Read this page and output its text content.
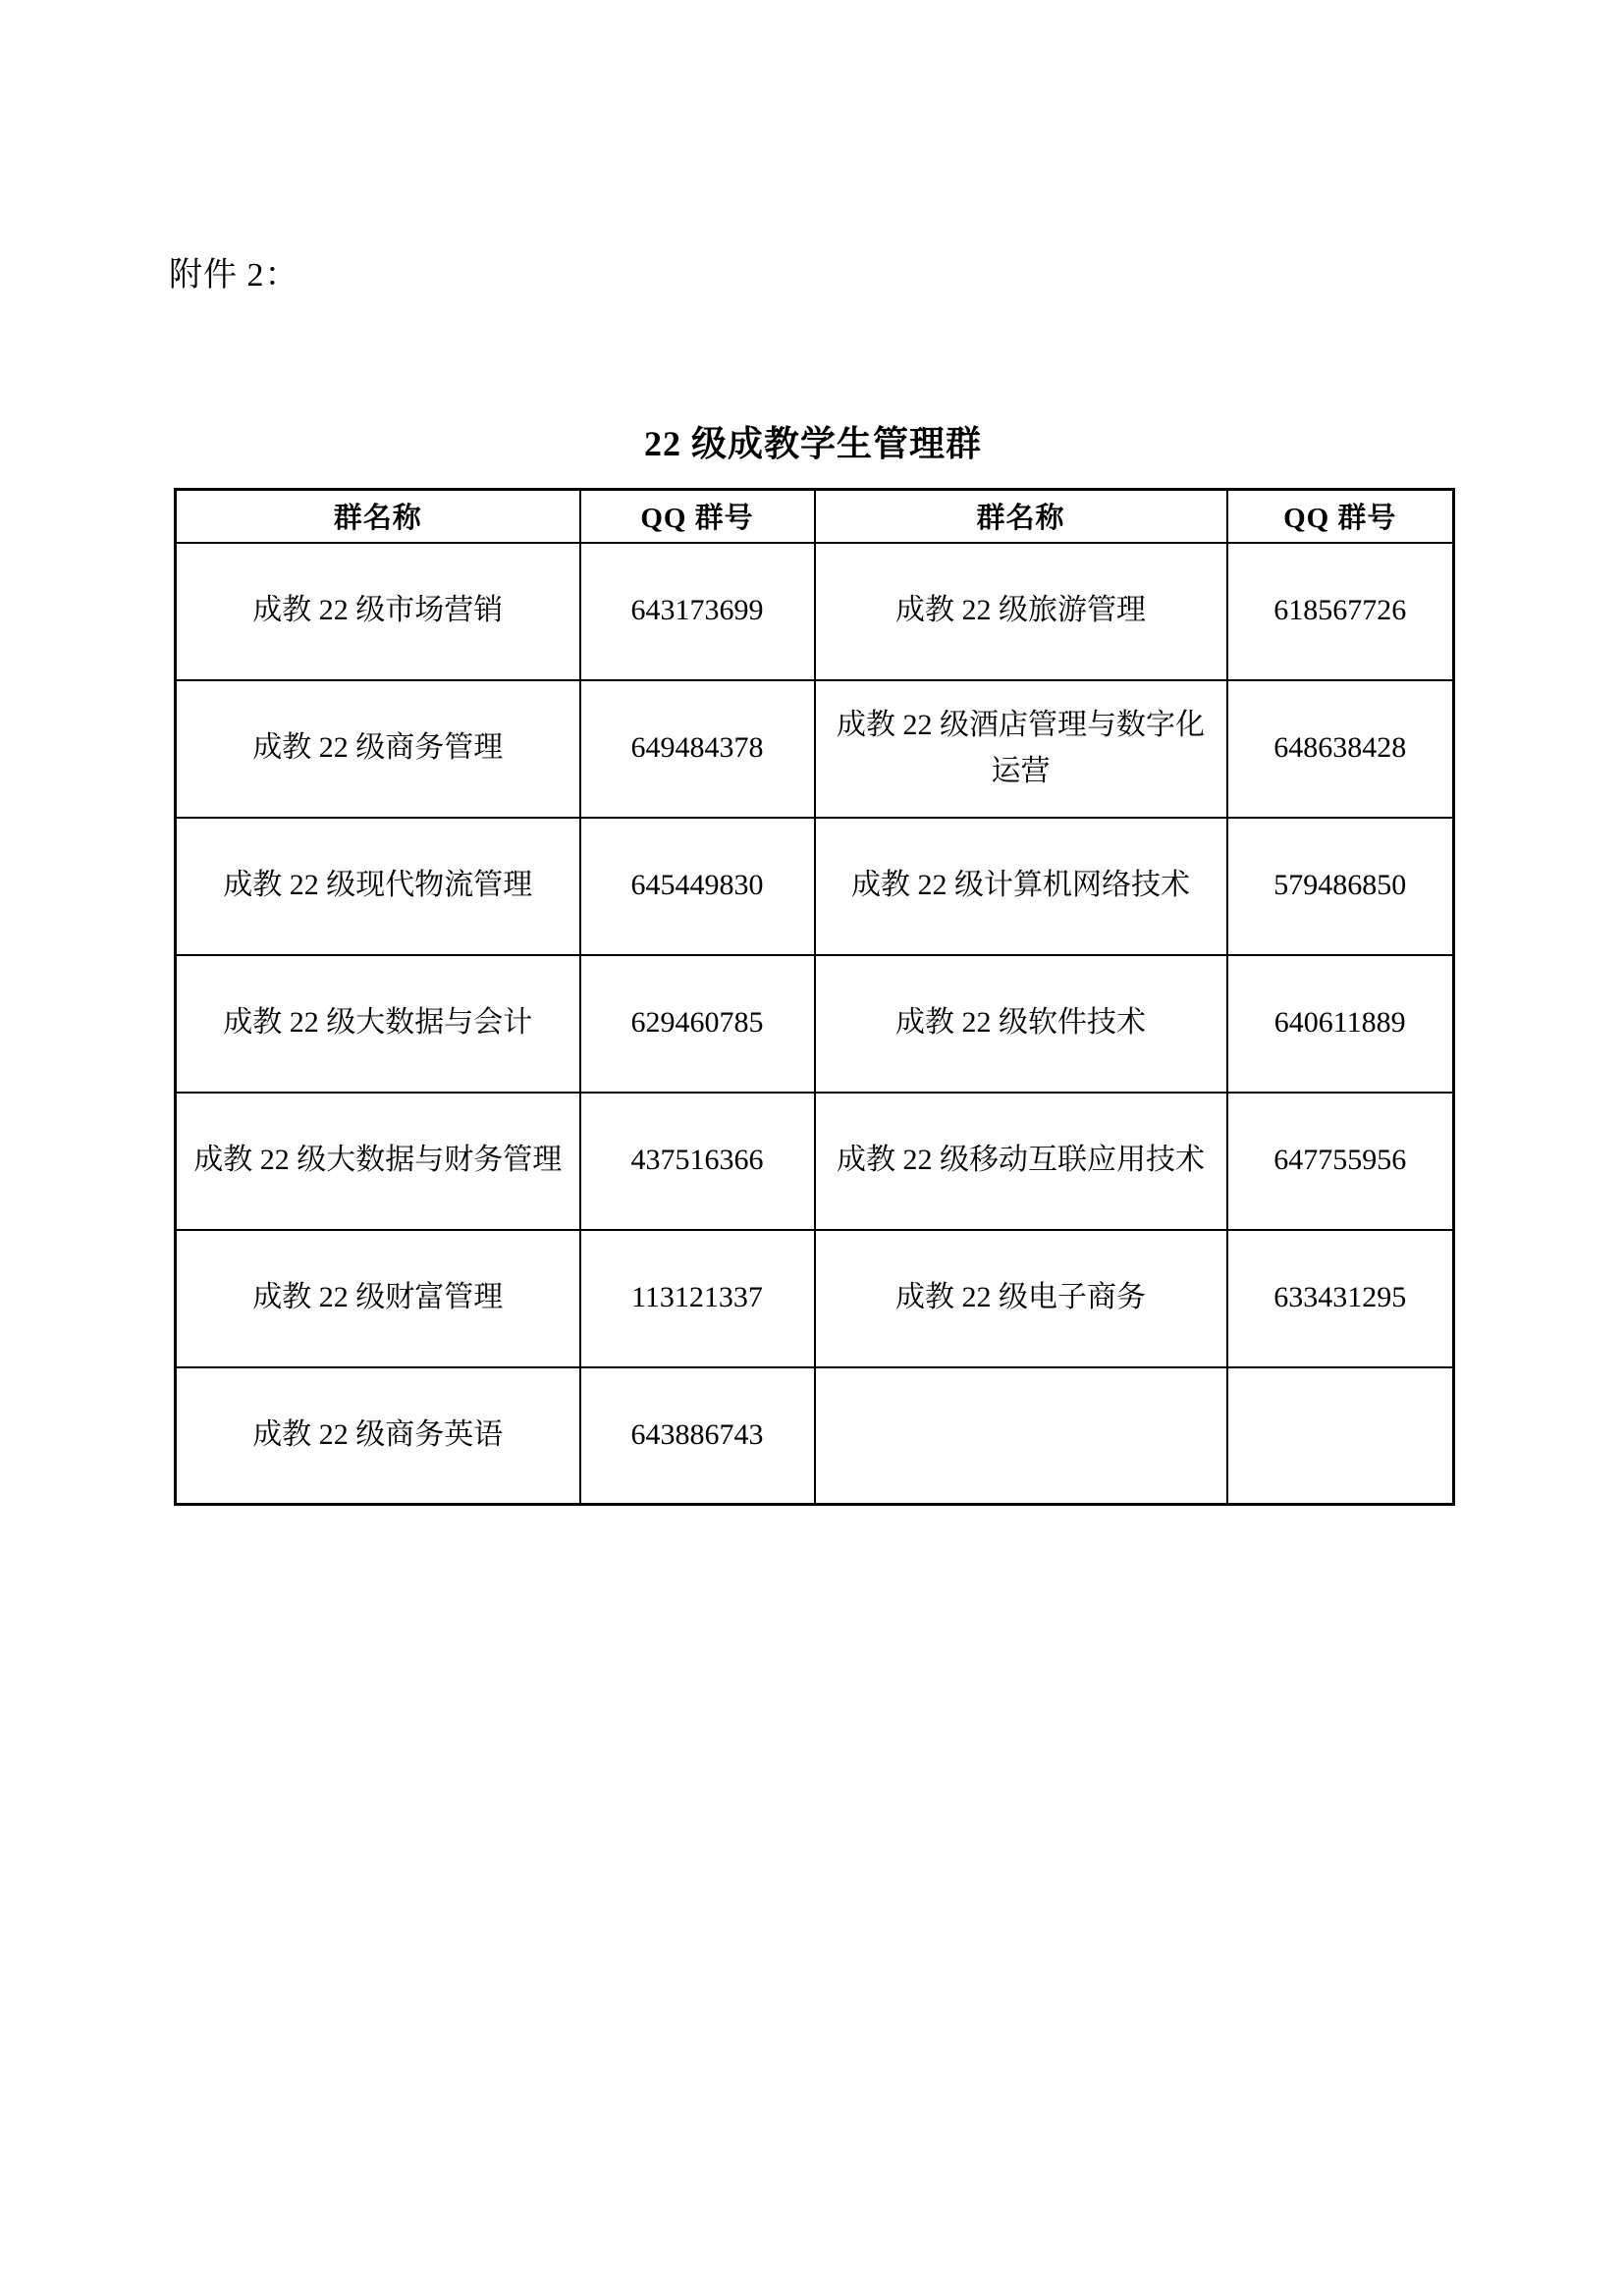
附件 2：
22 级成教学生管理群
群名称	QQ 群号	群名称	QQ 群号
成教 22 级市场营销	643173699	成教 22 级旅游管理	618567726
成教 22 级商务管理	649484378	成教 22 级酒店管理与数字化运营	648638428
成教 22 级现代物流管理	645449830	成教 22 级计算机网络技术	579486850
成教 22 级大数据与会计	629460785	成教 22 级软件技术	640611889
成教 22 级大数据与财务管理	437516366	成教 22 级移动互联应用技术	647755956
成教 22 级财富管理	113121337	成教 22 级电子商务	633431295
成教 22 级商务英语	643886743		
